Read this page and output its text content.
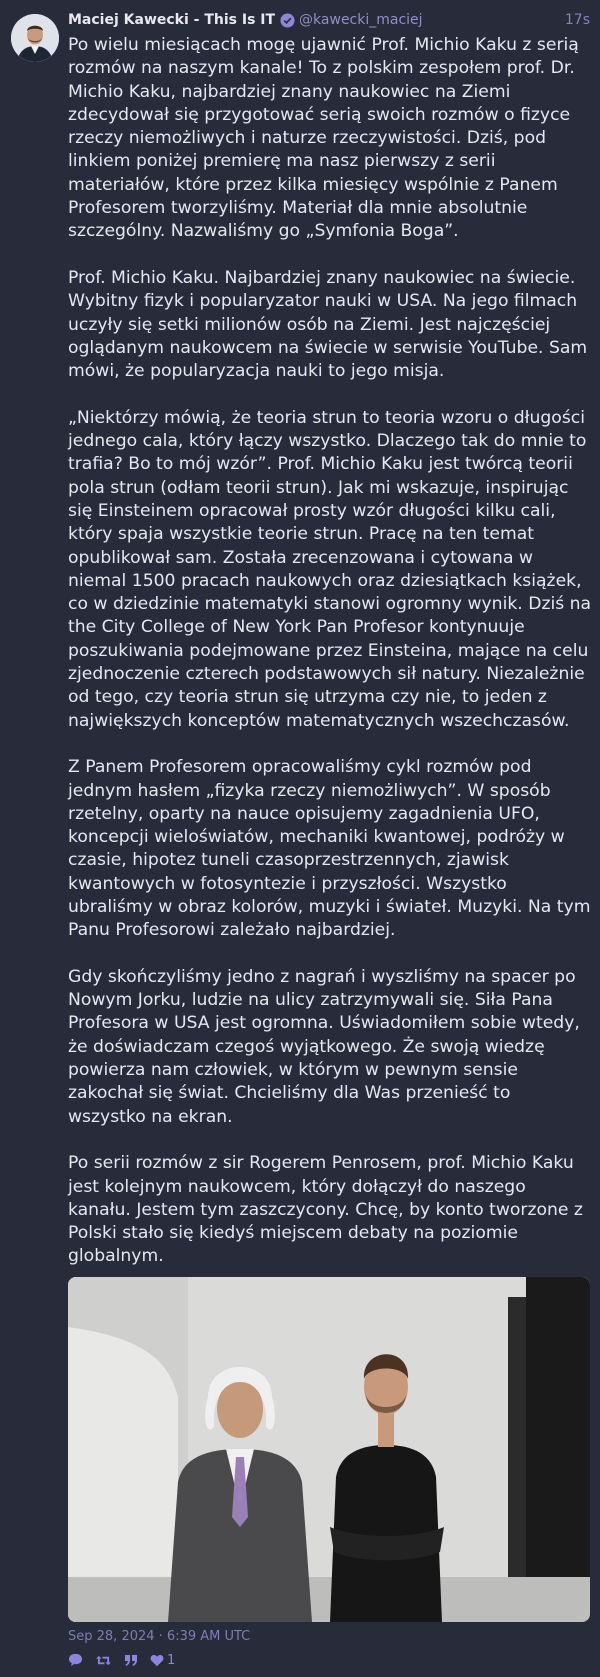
Maciej Kawecki - This Is IT @kawecki_maciej	17s

Po wielu miesiącach mogę ujawnić Prof. Michio Kaku z serią rozmów na naszym kanale! To z polskim zespołem prof. Dr. Michio Kaku, najbardziej znany naukowiec na Ziemi zdecydował się przygotować serią swoich rozmów o fizyce rzeczy niemożliwych i naturze rzeczywistości. Dziś, pod linkiem poniżej premierę ma nasz pierwszy z serii materiałów, które przez kilka miesięcy wspólnie z Panem Profesorem tworzyliśmy. Materiał dla mnie absolutnie szczególny. Nazwaliśmy go „Symfonia Boga”.

Prof. Michio Kaku. Najbardziej znany naukowiec na świecie. Wybitny fizyk i popularyzator nauki w USA. Na jego filmach uczyły się setki milionów osób na Ziemi. Jest najczęściej oglądanym naukowcem na świecie w serwisie YouTube. Sam mówi, że popularyzacja nauki to jego misja.

„Niektórzy mówią, że teoria strun to teoria wzoru o długości jednego cala, który łączy wszystko. Dlaczego tak do mnie to trafia? Bo to mój wzór”. Prof. Michio Kaku jest twórcą teorii pola strun (odłam teorii strun). Jak mi wskazuje, inspirując się Einsteinem opracował prosty wzór długości kilku cali, który spaja wszystkie teorie strun. Pracę na ten temat opublikował sam. Została zrecenzowana i cytowana w niemal 1500 pracach naukowych oraz dziesiątkach książek, co w dziedzinie matematyki stanowi ogromny wynik. Dziś na the City College of New York Pan Profesor kontynuuje poszukiwania podejmowane przez Einsteina, mające na celu zjednoczenie czterech podstawowych sił natury. Niezależnie od tego, czy teoria strun się utrzyma czy nie, to jeden z największych konceptów matematycznych wszechczasów.

Z Panem Profesorem opracowaliśmy cykl rozmów pod jednym hasłem „fizyka rzeczy niemożliwych”. W sposób rzetelny, oparty na nauce opisujemy zagadnienia UFO, koncepcji wieloświatów, mechaniki kwantowej, podróży w czasie, hipotez tuneli czasoprzestrzennych, zjawisk kwantowych w fotosyntezie i przyszłości. Wszystko ubraliśmy w obraz kolorów, muzyki i świateł. Muzyki. Na tym Panu Profesorowi zależało najbardziej.

Gdy skończyliśmy jedno z nagrań i wyszliśmy na spacer po Nowym Jorku, ludzie na ulicy zatrzymywali się. Siła Pana Profesora w USA jest ogromna. Uświadomiłem sobie wtedy, że doświadczam czegoś wyjątkowego. Że swoją wiedzę powierza nam człowiek, w którym w pewnym sensie zakochał się świat. Chcieliśmy dla Was przenieść to wszystko na ekran.

Po serii rozmów z sir Rogerem Penrosem, prof. Michio Kaku jest kolejnym naukowcem, który dołączył do naszego kanału. Jestem tym zaszczycony. Chcę, by konto tworzone z Polski stało się kiedyś miejscem debaty na poziomie globalnym.

Sep 28, 2024 · 6:39 AM UTC
1
